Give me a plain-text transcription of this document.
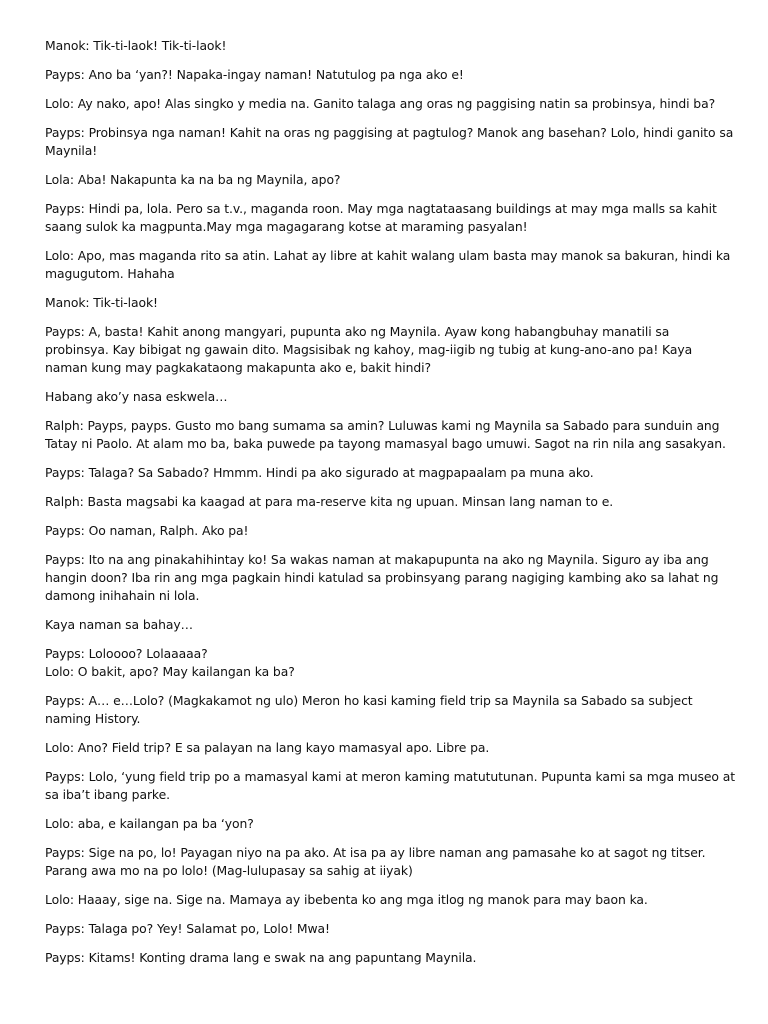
Manok: Tik-ti-laok! Tik-ti-laok!

Payps: Ano ba ‘yan?! Napaka-ingay naman! Natutulog pa nga ako e!

Lolo: Ay nako, apo! Alas singko y media na. Ganito talaga ang oras ng paggising natin sa probinsya, hindi ba?

Payps: Probinsya nga naman! Kahit na oras ng paggising at pagtulog? Manok ang basehan? Lolo, hindi ganito sa Maynila!

Lola: Aba! Nakapunta ka na ba ng Maynila, apo?

Payps: Hindi pa, lola. Pero sa t.v., maganda roon. May mga nagtataasang buildings at may mga malls sa kahit saang sulok ka magpunta.May mga magagarang kotse at maraming pasyalan!

Lolo: Apo, mas maganda rito sa atin. Lahat ay libre at kahit walang ulam basta may manok sa bakuran, hindi ka magugutom. Hahaha

Manok: Tik-ti-laok!

Payps: A, basta! Kahit anong mangyari, pupunta ako ng Maynila. Ayaw kong habangbuhay manatili sa probinsya. Kay bibigat ng gawain dito. Magsisibak ng kahoy, mag-iigib ng tubig at kung-ano-ano pa! Kaya naman kung may pagkakataong makapunta ako e, bakit hindi?

Habang ako’y nasa eskwela…

Ralph: Payps, payps. Gusto mo bang sumama sa amin? Luluwas kami ng Maynila sa Sabado para sunduin ang Tatay ni Paolo. At alam mo ba, baka puwede pa tayong mamasyal bago umuwi. Sagot na rin nila ang sasakyan.

Payps: Talaga? Sa Sabado? Hmmm. Hindi pa ako sigurado at magpapaalam pa muna ako.

Ralph: Basta magsabi ka kaagad at para ma-reserve kita ng upuan. Minsan lang naman to e.

Payps: Oo naman, Ralph. Ako pa!

Payps: Ito na ang pinakahihintay ko! Sa wakas naman at makapupunta na ako ng Maynila. Siguro ay iba ang hangin doon? Iba rin ang mga pagkain hindi katulad sa probinsyang parang nagiging kambing ako sa lahat ng damong inihahain ni lola.

Kaya naman sa bahay…

Payps: Loloooo? Lolaaaaa?
Lolo: O bakit, apo? May kailangan ka ba?

Payps: A… e…Lolo? (Magkakamot ng ulo) Meron ho kasi kaming field trip sa Maynila sa Sabado sa subject naming History.

Lolo: Ano? Field trip? E sa palayan na lang kayo mamasyal apo. Libre pa.

Payps: Lolo, ‘yung field trip po a mamasyal kami at meron kaming matututunan. Pupunta kami sa mga museo at sa iba’t ibang parke.

Lolo: aba, e kailangan pa ba ‘yon?

Payps: Sige na po, lo! Payagan niyo na pa ako. At isa pa ay libre naman ang pamasahe ko at sagot ng titser. Parang awa mo na po lolo! (Mag-lulupasay sa sahig at iiyak)

Lolo: Haaay, sige na. Sige na. Mamaya ay ibebenta ko ang mga itlog ng manok para may baon ka.

Payps: Talaga po? Yey! Salamat po, Lolo! Mwa!

Payps: Kitams! Konting drama lang e swak na ang papuntang Maynila.
